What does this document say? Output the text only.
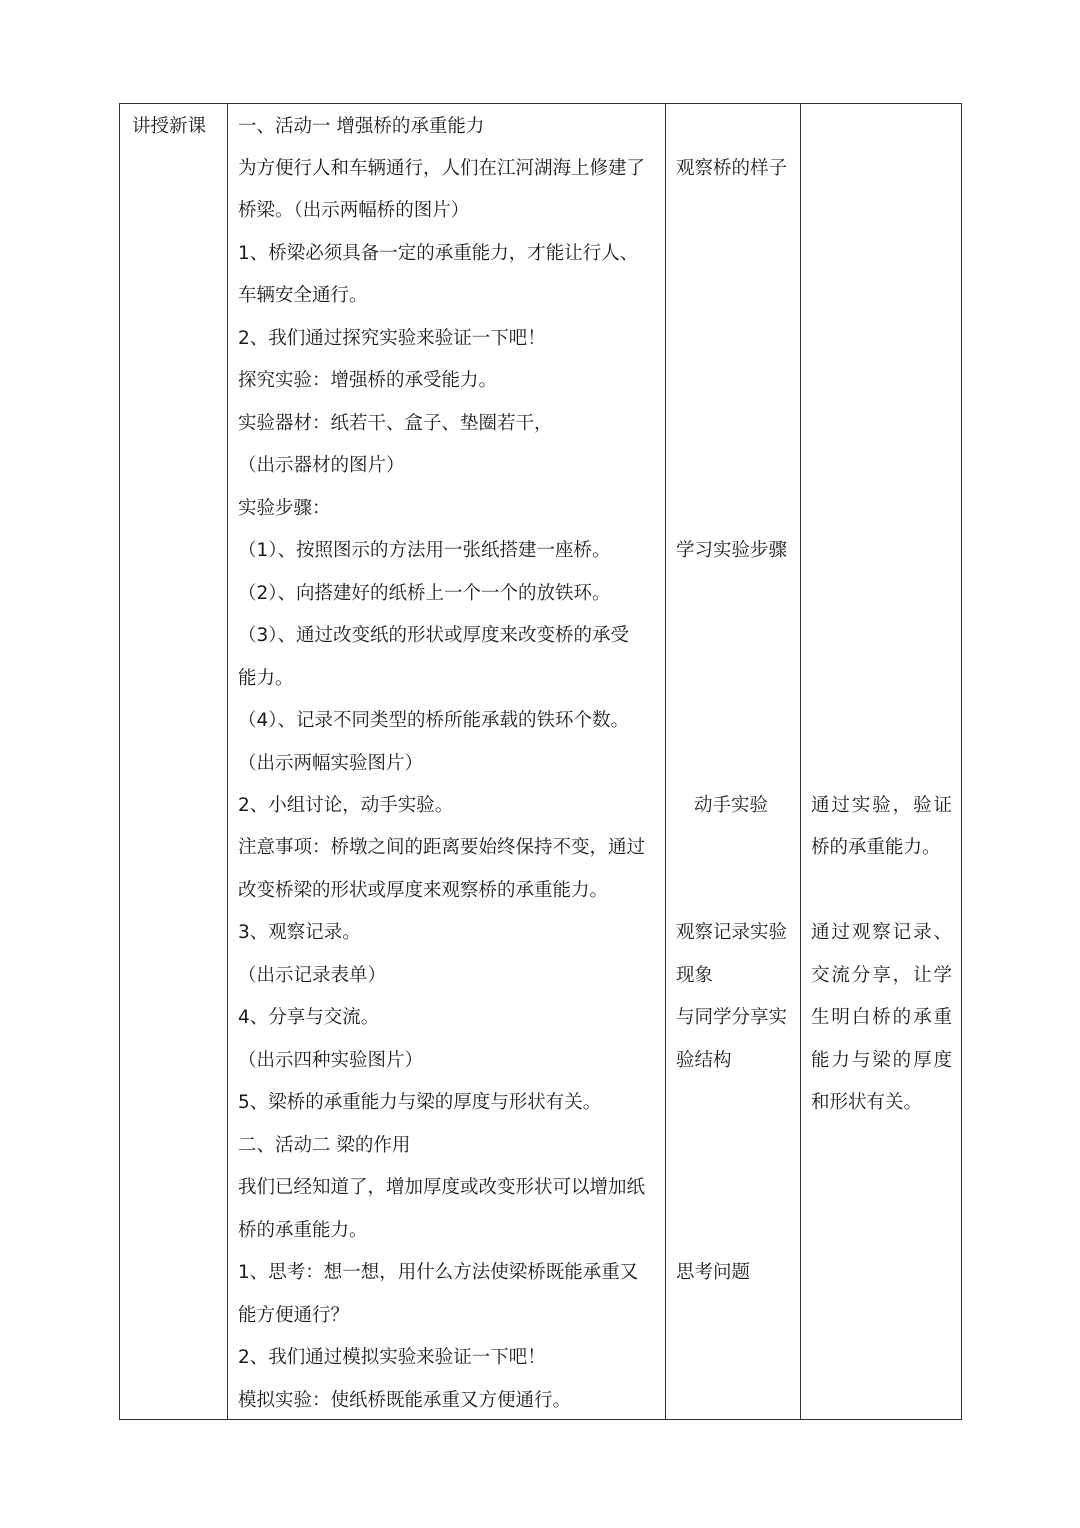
讲授新课 一、活动一 增强桥的承重能力
为方便行人和车辆通行，人们在江河湖海上修建了
桥梁。（出示两幅桥的图片）
1、桥梁必须具备一定的承重能力，才能让行人、
车辆安全通行。
2、我们通过探究实验来验证一下吧！
探究实验：增强桥的承受能力。
实验器材：纸若干、盒子、垫圈若干，
（出示器材的图片）
实验步骤：
（1）、按照图示的方法用一张纸搭建一座桥。
（2）、向搭建好的纸桥上一个一个的放铁环。
（3）、通过改变纸的形状或厚度来改变桥的承受
能力。
（4）、记录不同类型的桥所能承载的铁环个数。
（出示两幅实验图片）
2、小组讨论，动手实验。
注意事项：桥墩之间的距离要始终保持不变，通过
改变桥梁的形状或厚度来观察桥的承重能力。
3、观察记录。
（出示记录表单）
4、分享与交流。
（出示四种实验图片）
5、梁桥的承重能力与梁的厚度与形状有关。
二、活动二 梁的作用
我们已经知道了，增加厚度或改变形状可以增加纸
桥的承重能力。
1、思考：想一想，用什么方法使梁桥既能承重又
能方便通行？
2、我们通过模拟实验来验证一下吧！
模拟实验：使纸桥既能承重又方便通行。
观察桥的样子
学习实验步骤
动手实验
观察记录实验
现象
与同学分享实
验结构
思考问题
通过实验，验证
桥的承重能力。
通过观察记录、
交流分享，让学
生明白桥的承重
能力与梁的厚度
和形状有关。
